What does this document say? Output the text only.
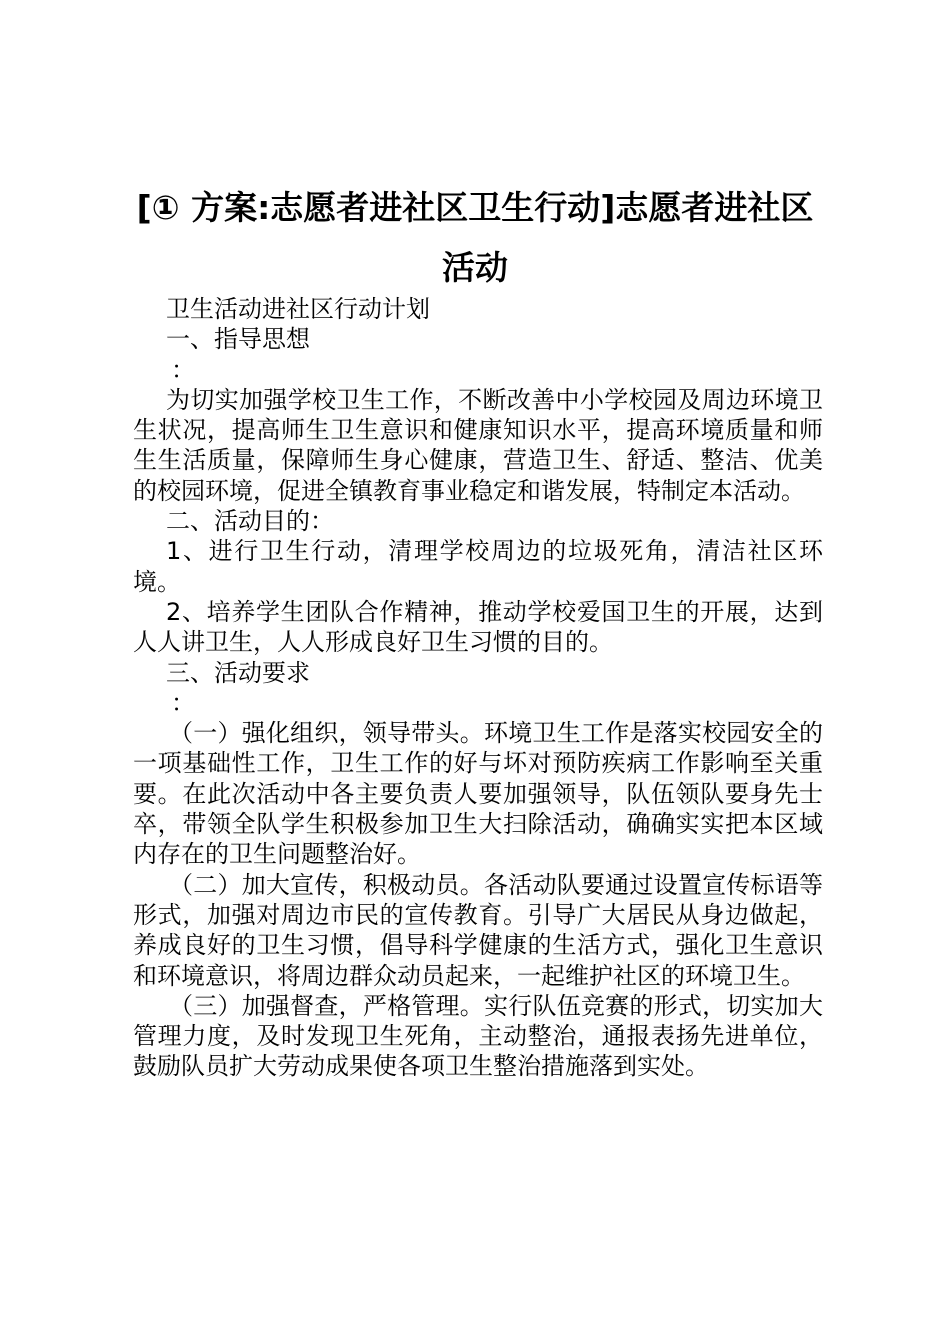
[① 方案:志愿者进社区卫生行动]志愿者进社区活动

卫生活动进社区行动计划

一、指导思想

：

为切实加强学校卫生工作，不断改善中小学校园及周边环境卫生状况，提高师生卫生意识和健康知识水平，提高环境质量和师生生活质量，保障师生身心健康，营造卫生、舒适、整洁、优美的校园环境，促进全镇教育事业稳定和谐发展，特制定本活动。

二、活动目的：

1、进行卫生行动，清理学校周边的垃圾死角，清洁社区环境。

2、培养学生团队合作精神，推动学校爱国卫生的开展，达到人人讲卫生，人人形成良好卫生习惯的目的。

三、活动要求

：

（一）强化组织，领导带头。环境卫生工作是落实校园安全的一项基础性工作，卫生工作的好与坏对预防疾病工作影响至关重要。在此次活动中各主要负责人要加强领导，队伍领队要身先士卒，带领全队学生积极参加卫生大扫除活动，确确实实把本区域内存在的卫生问题整治好。

（二）加大宣传，积极动员。各活动队要通过设置宣传标语等形式，加强对周边市民的宣传教育。引导广大居民从身边做起，养成良好的卫生习惯，倡导科学健康的生活方式，强化卫生意识和环境意识，将周边群众动员起来，一起维护社区的环境卫生。

（三）加强督查，严格管理。实行队伍竞赛的形式，切实加大管理力度，及时发现卫生死角，主动整治，通报表扬先进单位，鼓励队员扩大劳动成果使各项卫生整治措施落到实处。
